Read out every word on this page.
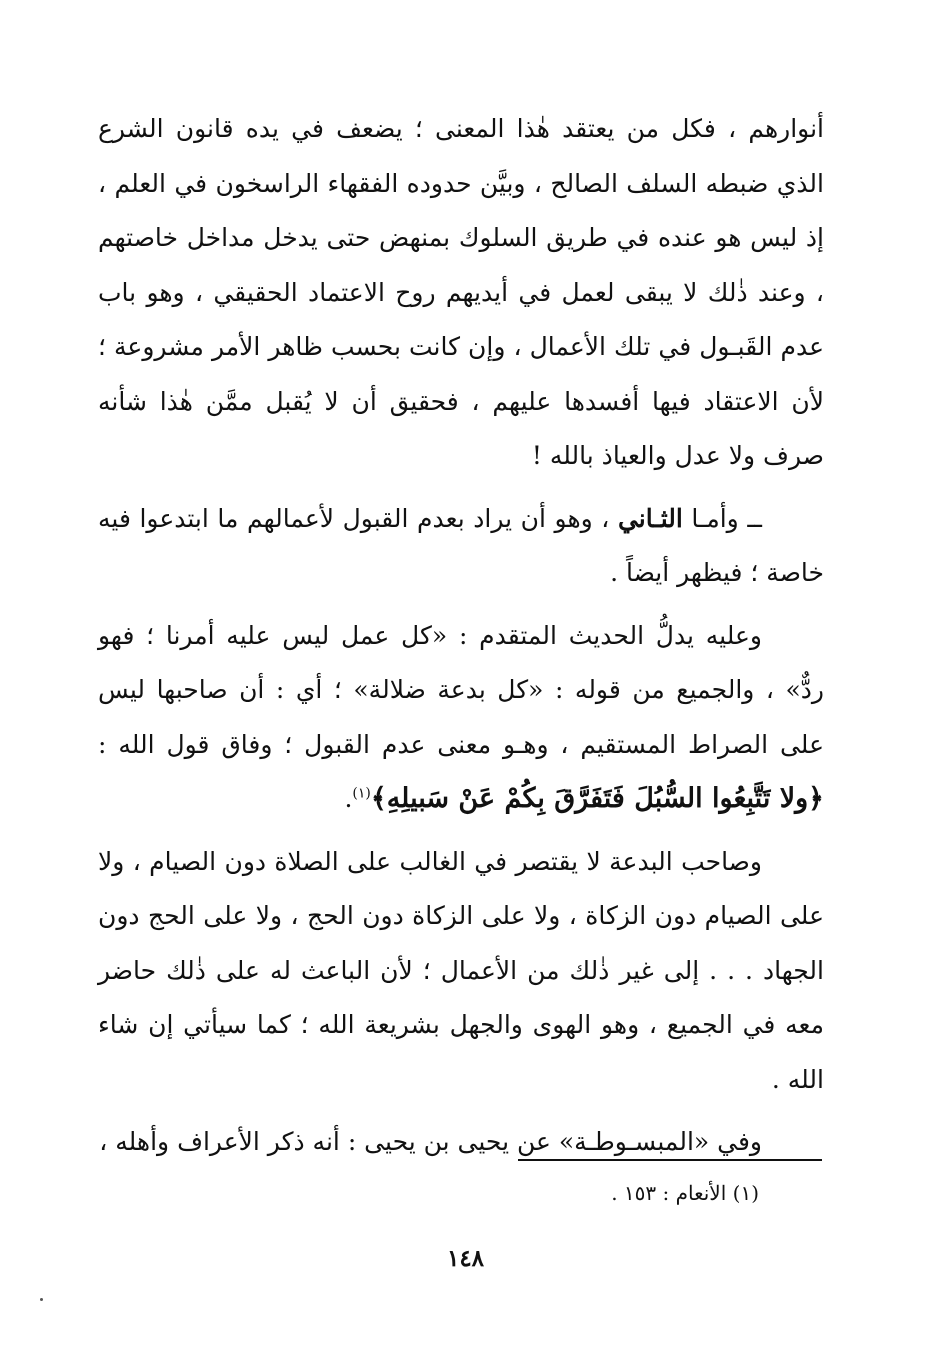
أنوارهم ، فكل من يعتقد هٰذا المعنى ؛ يضعف في يده قانون الشرع الذي ضبطه السلف الصالح ، وبيَّن حدوده الفقهاء الراسخون في العلم ، إذ ليس هو عنده في طريق السلوك بمنهض حتى يدخل مداخل خاصتهم ، وعند ذٰلك لا يبقى لعمل في أيديهم روح الاعتماد الحقيقي ، وهو باب عدم القَبـول في تلك الأعمال ، وإن كانت بحسب ظاهر الأمر مشروعة ؛ لأن الاعتقاد فيها أفسدها عليهم ، فحقيق أن لا يُقبل ممَّن هٰذا شأنه صرف ولا عدل والعياذ بالله !

ــ وأمـا الثـاني ، وهو أن يراد بعدم القبول لأعمالهم ما ابتدعوا فيه خاصة ؛ فيظهر أيضاً .

وعليه يدلُّ الحديث المتقدم : «كل عمل ليس عليه أمرنا ؛ فهو ردٌّ» ، والجميع من قوله : «كل بدعة ضلالة» ؛ أي : أن صاحبها ليس على الصراط المستقيم ، وهـو معنى عدم القبول ؛ وفاق قول الله : ﴿ولا تَتَّبِعُوا السُّبُلَ فَتَفَرَّقَ بِكُمْ عَنْ سَبيلِهِ﴾$^{(١)}$.

وصاحب البدعة لا يقتصر في الغالب على الصلاة دون الصيام ، ولا على الصيام دون الزكاة ، ولا على الزكاة دون الحج ، ولا على الحج دون الجهاد . . . إلى غير ذٰلك من الأعمال ؛ لأن الباعث له على ذٰلك حاضر معه في الجميع ، وهو الهوى والجهل بشريعة الله ؛ كما سيأتي إن شاء الله .

وفي «المبسـوطـة» عن يحيى بن يحيى : أنه ذكر الأعراف وأهله ،

(١) الأنعام : ١٥٣ .
١٤٨
